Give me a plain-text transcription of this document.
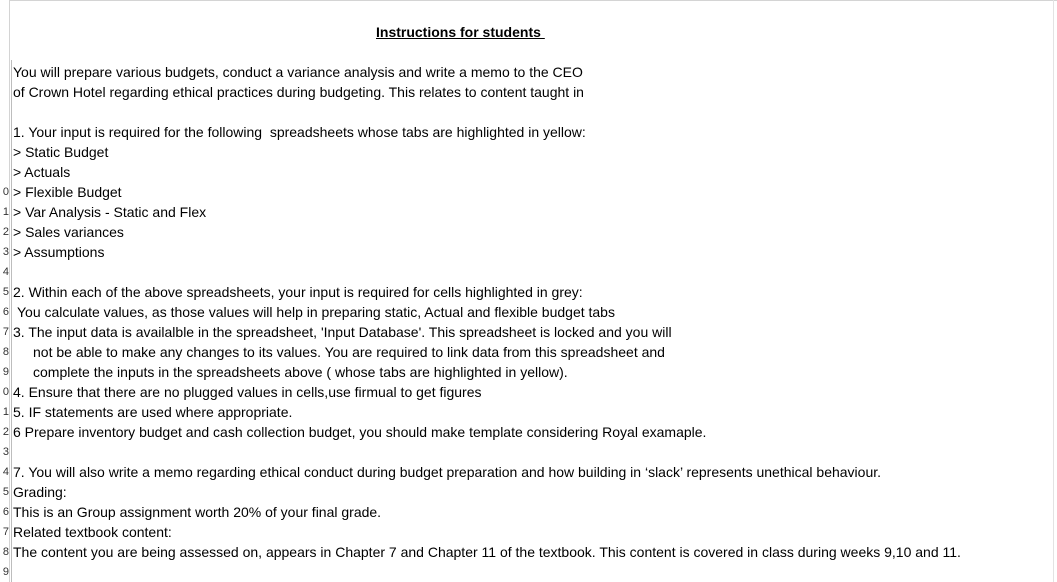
0
1
2
3
4
5
6
7
8
9
0
1
2
3
4
5
6
7
8
9
Instructions for students
You will prepare various budgets, conduct a variance analysis and write a memo to the CEO
of Crown Hotel regarding ethical practices during budgeting. This relates to content taught in
1. Your input is required for the following  spreadsheets whose tabs are highlighted in yellow:
> Static Budget
> Actuals
> Flexible Budget
> Var Analysis - Static and Flex
> Sales variances
> Assumptions
2. Within each of the above spreadsheets, your input is required for cells highlighted in grey:
You calculate values, as those values will help in preparing static, Actual and flexible budget tabs
3. The input data is availalble in the spreadsheet, 'Input Database'. This spreadsheet is locked and you will
not be able to make any changes to its values. You are required to link data from this spreadsheet and
complete the inputs in the spreadsheets above ( whose tabs are highlighted in yellow).
4. Ensure that there are no plugged values in cells,use firmual to get figures
5. IF statements are used where appropriate.
6 Prepare inventory budget and cash collection budget, you should make template considering Royal examaple.
7. You will also write a memo regarding ethical conduct during budget preparation and how building in ‘slack’ represents unethical behaviour.
Grading:
This is an Group assignment worth 20% of your final grade.
Related textbook content:
The content you are being assessed on, appears in Chapter 7 and Chapter 11 of the textbook. This content is covered in class during weeks 9,10 and 11.
